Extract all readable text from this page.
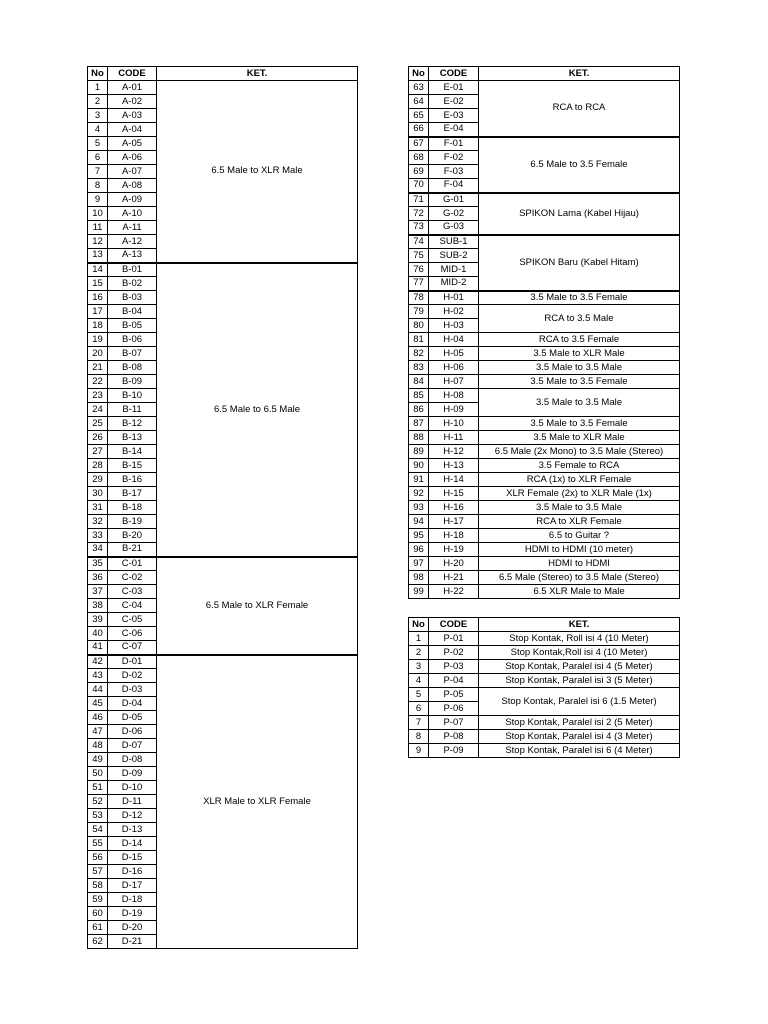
No	CODE	KET.
1	A-01	6.5 Male to XLR Male
2	A-02	
3	A-03	
4	A-04	
5	A-05	
6	A-06	
7	A-07	
8	A-08	
9	A-09	
10	A-10	
11	A-11	
12	A-12	
13	A-13	
14	B-01	6.5 Male to 6.5 Male
15	B-02	
16	B-03	
17	B-04	
18	B-05	
19	B-06	
20	B-07	
21	B-08	
22	B-09	
23	B-10	
24	B-11	
25	B-12	
26	B-13	
27	B-14	
28	B-15	
29	B-16	
30	B-17	
31	B-18	
32	B-19	
33	B-20	
34	B-21	
35	C-01	6.5 Male to XLR Female
36	C-02	
37	C-03	
38	C-04	
39	C-05	
40	C-06	
41	C-07	
42	D-01	XLR Male to XLR Female
43	D-02	
44	D-03	
45	D-04	
46	D-05	
47	D-06	
48	D-07	
49	D-08	
50	D-09	
51	D-10	
52	D-11	
53	D-12	
54	D-13	
55	D-14	
56	D-15	
57	D-16	
58	D-17	
59	D-18	
60	D-19	
61	D-20	
62	D-21	
No	CODE	KET.
63	E-01	RCA to RCA
64	E-02	
65	E-03	
66	E-04	
67	F-01	6.5 Male to 3.5 Female
68	F-02	
69	F-03	
70	F-04	
71	G-01	SPIKON Lama (Kabel Hijau)
72	G-02	
73	G-03	
74	SUB-1	SPIKON Baru (Kabel Hitam)
75	SUB-2	
76	MID-1	
77	MID-2	
78	H-01	3.5 Male to 3.5 Female
79	H-02	RCA to 3.5 Male
80	H-03	
81	H-04	RCA to 3.5 Female
82	H-05	3.5 Male to XLR Male
83	H-06	3.5 Male to 3.5 Male
84	H-07	3.5 Male to 3.5 Female
85	H-08	3.5 Male to 3.5 Male
86	H-09	
87	H-10	3.5 Male to 3.5 Female
88	H-11	3.5 Male to XLR Male
89	H-12	6.5 Male (2x Mono) to 3.5 Male (Stereo)
90	H-13	3.5 Female to RCA
91	H-14	RCA (1x) to XLR Female
92	H-15	XLR Female (2x) to XLR Male (1x)
93	H-16	3.5 Male to 3.5 Male
94	H-17	RCA to XLR Female
95	H-18	6.5 to Guitar ?
96	H-19	HDMI to HDMI (10 meter)
97	H-20	HDMI to HDMI
98	H-21	6.5 Male (Stereo) to 3.5 Male (Stereo)
99	H-22	6.5 XLR Male to Male
No	CODE	KET.
1	P-01	Stop Kontak, Roll isi 4 (10 Meter)
2	P-02	Stop Kontak,Roll isi 4 (10 Meter)
3	P-03	Stop Kontak, Paralel isi 4 (5 Meter)
4	P-04	Stop Kontak, Paralel isi 3 (5 Meter)
5	P-05	Stop Kontak, Paralel isi 6 (1.5 Meter)
6	P-06	
7	P-07	Stop Kontak, Paralel isi 2 (5 Meter)
8	P-08	Stop Kontak, Paralel isi 4 (3 Meter)
9	P-09	Stop Kontak, Paralel isi 6 (4 Meter)
